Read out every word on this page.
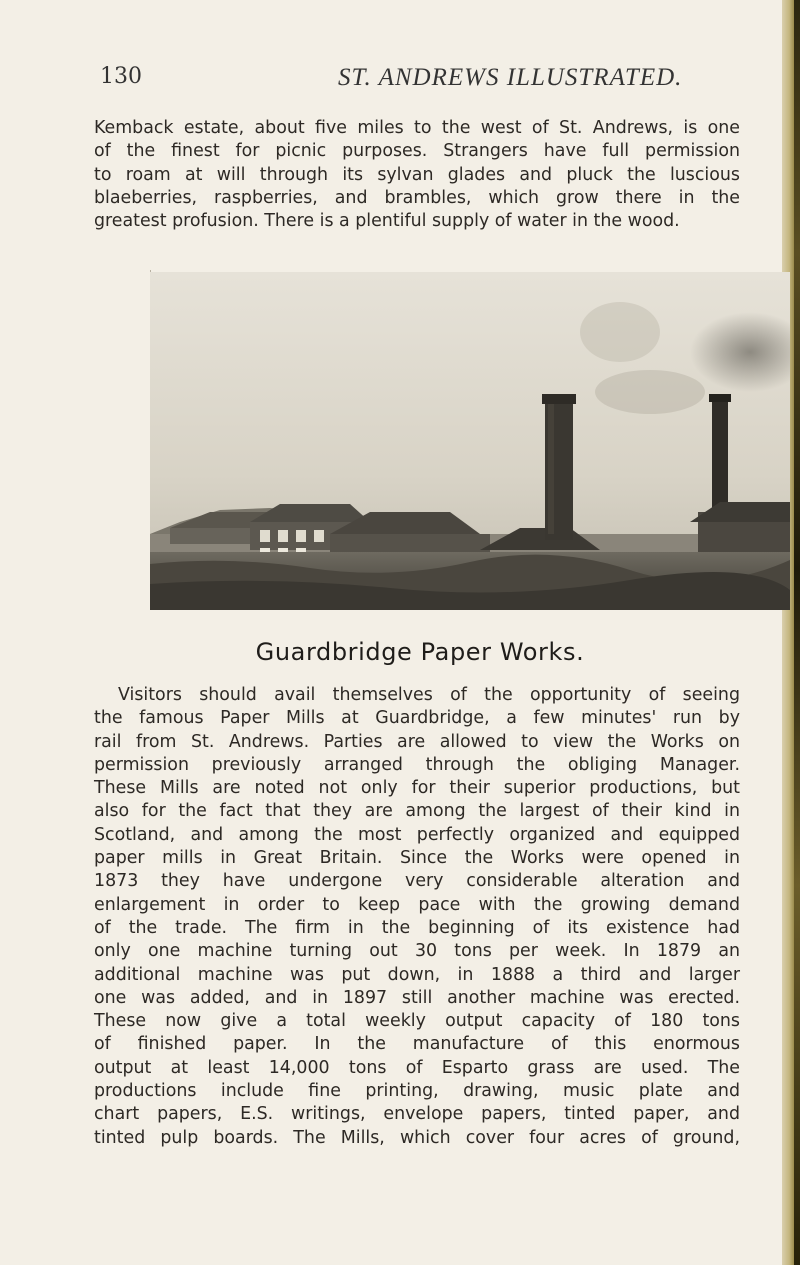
130	ST. ANDREWS ILLUSTRATED.
Kemback estate, about five miles to the west of St. Andrews, is one
of the finest for picnic purposes. Strangers have full permission
to roam at will through its sylvan glades and pluck the luscious
blaeberries, raspberries, and brambles, which grow there in the
greatest profusion. There is a plentiful supply of water in the wood.
Guardbridge Paper Works.
Visitors should avail themselves of the opportunity of seeing
the famous Paper Mills at Guardbridge, a few minutes' run by
rail from St. Andrews. Parties are allowed to view the Works on
permission previously arranged through the obliging Manager.
These Mills are noted not only for their superior productions, but
also for the fact that they are among the largest of their kind in
Scotland, and among the most perfectly organized and equipped
paper mills in Great Britain. Since the Works were opened in
1873 they have undergone very considerable alteration and
enlargement in order to keep pace with the growing demand
of the trade. The firm in the beginning of its existence had
only one machine turning out 30 tons per week. In 1879 an
additional machine was put down, in 1888 a third and larger
one was added, and in 1897 still another machine was erected.
These now give a total weekly output capacity of 180 tons
of finished paper. In the manufacture of this enormous
output at least 14,000 tons of Esparto grass are used. The
productions include fine printing, drawing, music plate and
chart papers, E.S. writings, envelope papers, tinted paper, and
tinted pulp boards. The Mills, which cover four acres of ground,
